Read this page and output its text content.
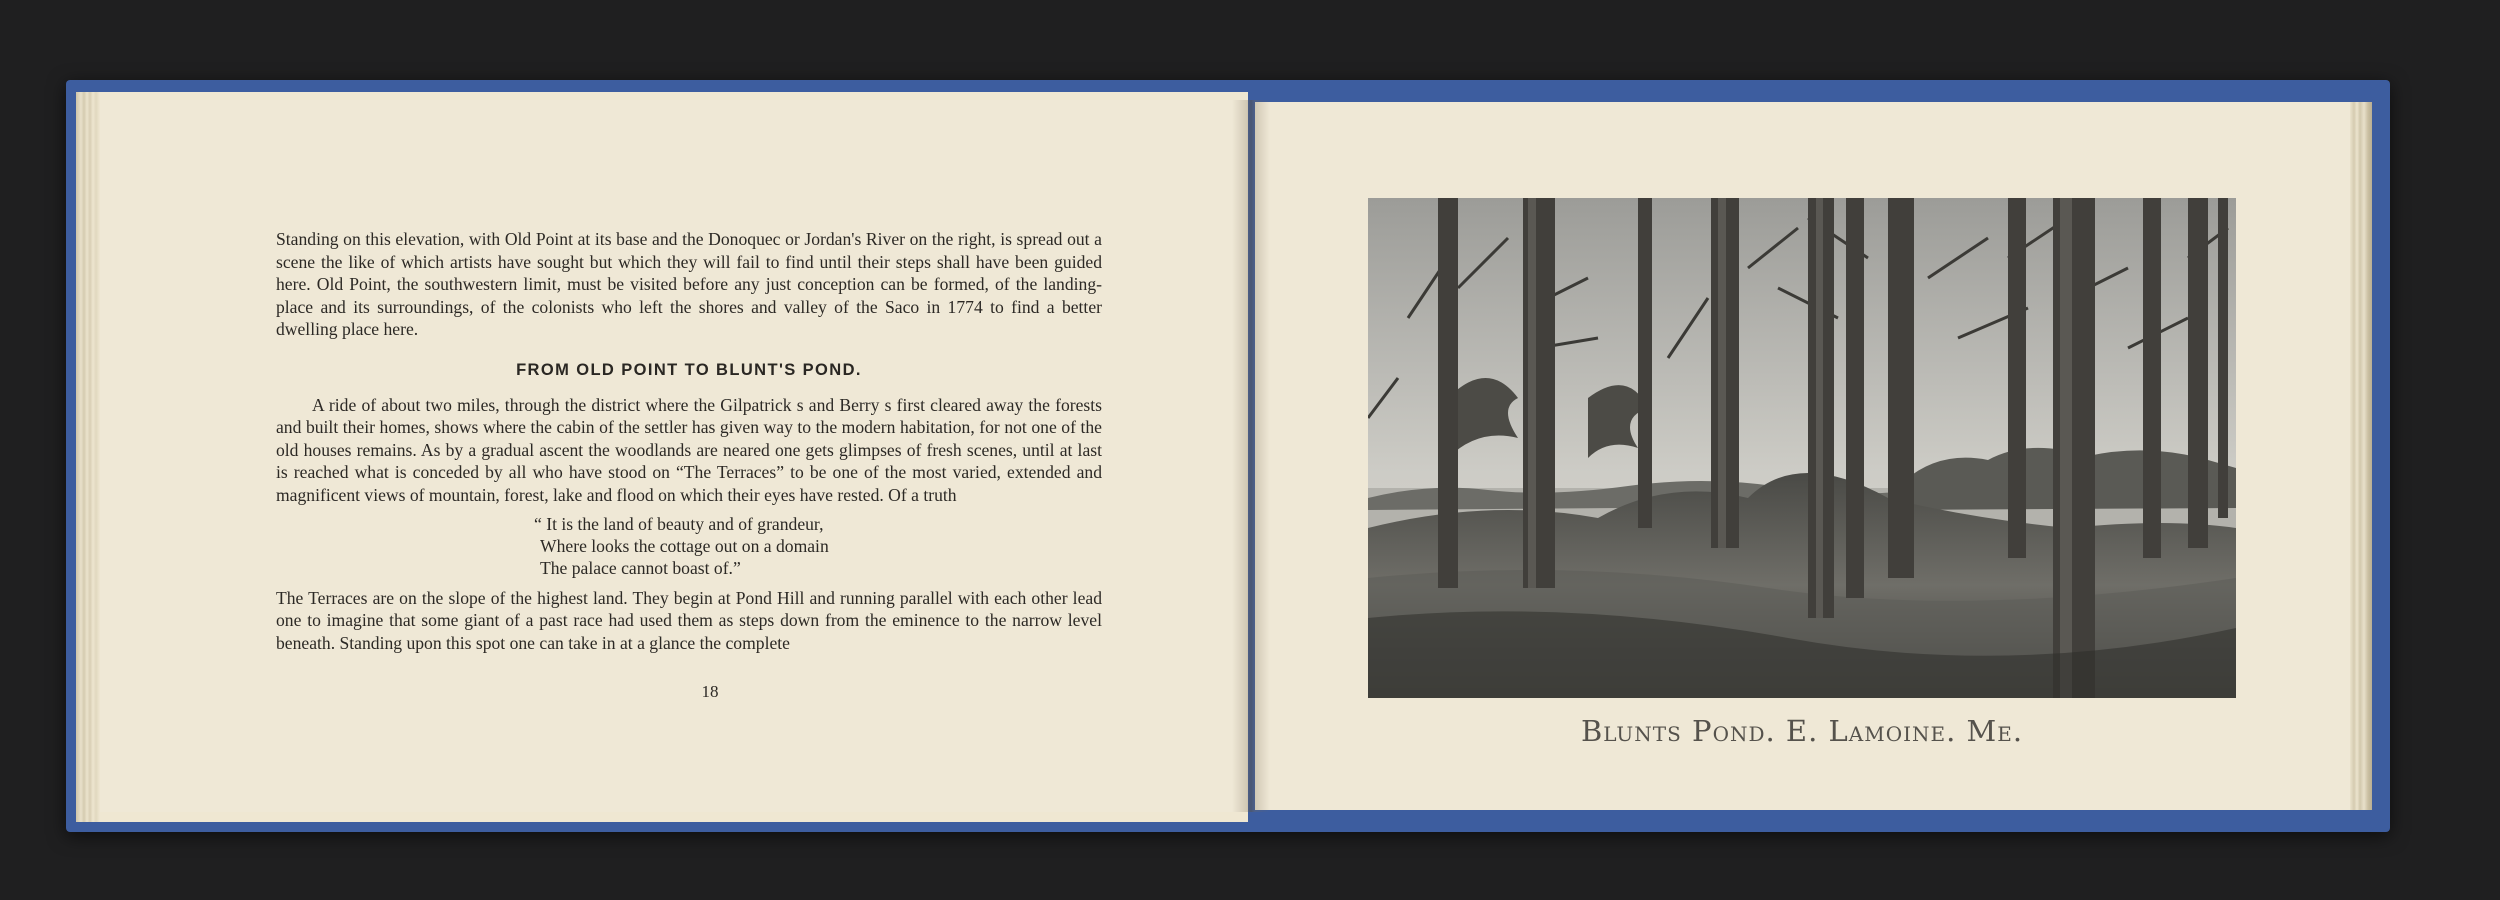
Standing on this elevation, with Old Point at its base and the Donoquec or Jordan's River on the right, is spread out a scene the like of which artists have sought but which they will fail to find until their steps shall have been guided here. Old Point, the southwestern limit, must be visited before any just conception can be formed, of the landing-place and its surroundings, of the colonists who left the shores and valley of the Saco in 1774 to find a better dwelling place here.

FROM OLD POINT TO BLUNT'S POND.

A ride of about two miles, through the district where the Gilpatrick s and Berry s first cleared away the forests and built their homes, shows where the cabin of the settler has given way to the modern habitation, for not one of the old houses remains. As by a gradual ascent the woodlands are neared one gets glimpses of fresh scenes, until at last is reached what is conceded by all who have stood on “The Terraces” to be one of the most varied, extended and magnificent views of mountain, forest, lake and flood on which their eyes have rested. Of a truth

“ It is the land of beauty and of grandeur,
Where looks the cottage out on a domain
The palace cannot boast of.”

The Terraces are on the slope of the highest land. They begin at Pond Hill and running parallel with each other lead one to imagine that some giant of a past race had used them as steps down from the eminence to the narrow level beneath. Standing upon this spot one can take in at a glance the complete

18
Blunts Pond. E. Lamoine. Me.
